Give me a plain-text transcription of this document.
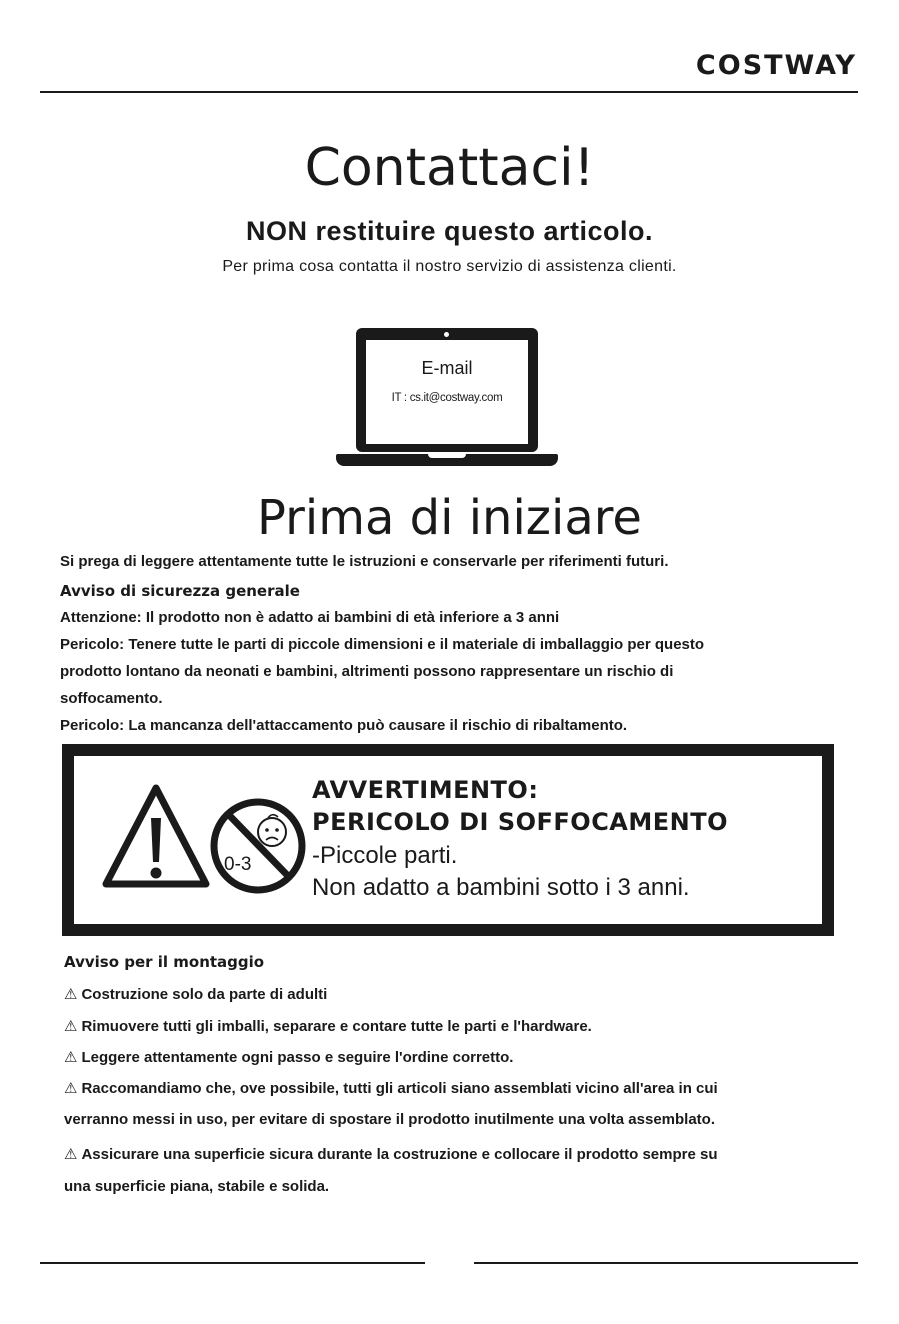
COSTWAY
Contattaci!
NON restituire questo articolo.
Per prima cosa contatta il nostro servizio di assistenza clienti.
E-mail
IT : cs.it@costway.com
Prima di iniziare
Si prega di leggere attentamente tutte le istruzioni e conservarle per riferimenti futuri.
Avviso di sicurezza generale
Attenzione: Il prodotto non è adatto ai bambini di età inferiore a 3 anni
Pericolo: Tenere tutte le parti di piccole dimensioni e il materiale di imballaggio per questo
prodotto lontano da neonati e bambini, altrimenti possono rappresentare un rischio di
soffocamento.
Pericolo: La mancanza dell'attaccamento può causare il rischio di ribaltamento.
0-3
AVVERTIMENTO:
PERICOLO DI SOFFOCAMENTO
-Piccole parti.
Non adatto a bambini sotto i 3 anni.
Avviso per il montaggio
⚠ Costruzione solo da parte di adulti
⚠ Rimuovere tutti gli imballi, separare e contare tutte le parti e l'hardware.
⚠ Leggere attentamente ogni passo e seguire l'ordine corretto.
⚠ Raccomandiamo che, ove possibile, tutti gli articoli siano assemblati vicino all'area in cui
verranno messi in uso, per evitare di spostare il prodotto inutilmente una volta assemblato.
⚠ Assicurare una superficie sicura durante la costruzione e collocare il prodotto sempre su
una superficie piana, stabile e solida.
